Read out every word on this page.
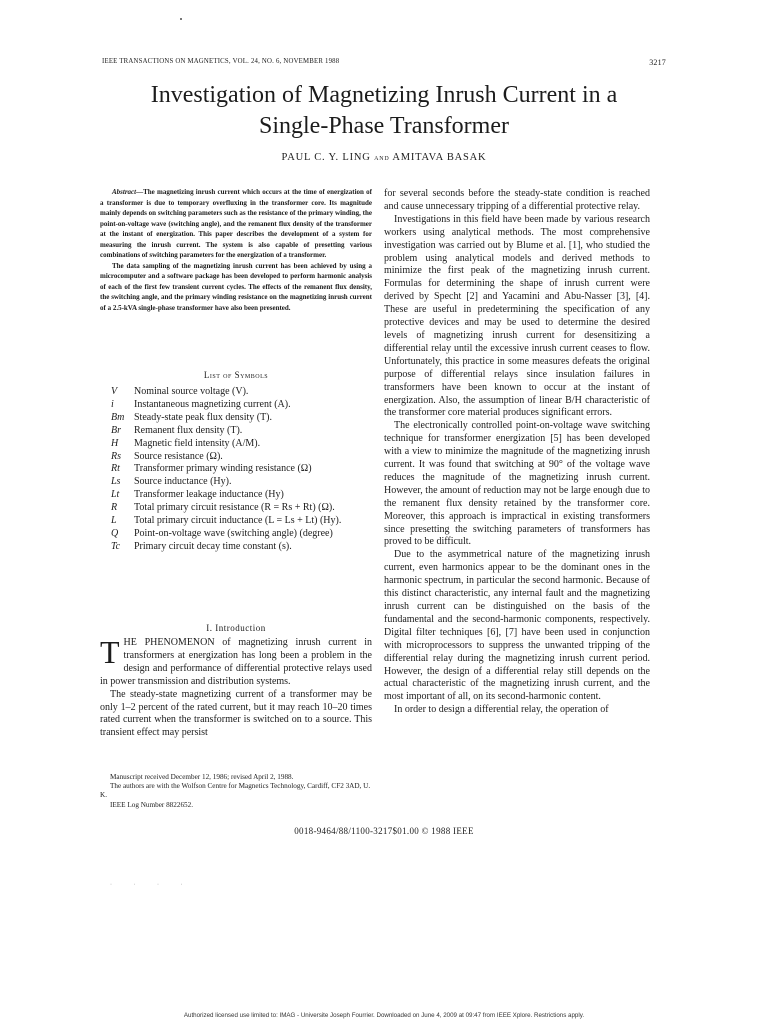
IEEE TRANSACTIONS ON MAGNETICS, VOL. 24, NO. 6, NOVEMBER 1988	3217
Investigation of Magnetizing Inrush Current in a
Single-Phase Transformer
PAUL C. Y. LING and AMITAVA BASAK

Abstract—The magnetizing inrush current which occurs at the time of energization of a transformer is due to temporary overfluxing in the transformer core. Its magnitude mainly depends on switching parameters such as the resistance of the primary winding, the point-on-voltage wave (switching angle), and the remanent flux density of the transformer at the instant of energization. This paper describes the development of a system for measuring the inrush current. The system is also capable of presetting various combinations of switching parameters for the energization of a transformer.

The data sampling of the magnetizing inrush current has been achieved by using a microcomputer and a software package has been developed to perform harmonic analysis of each of the first few transient current cycles. The effects of the remanent flux density, the switching angle, and the primary winding resistance on the magnetizing inrush current of a 2.5-kVA single-phase transformer have also been presented.

List of Symbols
V	Nominal source voltage (V).
i	Instantaneous magnetizing current (A).
Bm Steady-state peak flux density (T).
Br	Remanent flux density (T).
H	Magnetic field intensity (A/M).
Rs	Source resistance (Ω).
Rt	Transformer primary winding resistance (Ω)
Ls	Source inductance (Hy).
Lt	Transformer leakage inductance (Hy)
R	Total primary circuit resistance (R = Rs + Rt) (Ω).
L	Total primary circuit inductance (L = Ls + Lt) (Hy).
Q	Point-on-voltage wave (switching angle) (degree)
Tc	Primary circuit decay time constant (s).
I. Introduction

THE PHENOMENON of magnetizing inrush current in transformers at energization has long been a problem in the design and performance of differential protective relays used in power transmission and distribution systems.

The steady-state magnetizing current of a transformer may be only 1–2 percent of the rated current, but it may reach 10–20 times rated current when the transformer is switched on to a source. This transient effect may persist

Manuscript received December 12, 1986; revised April 2, 1988.

The authors are with the Wolfson Centre for Magnetics Technology, Cardiff, CF2 3AD, U. K.

IEEE Log Number 8822652.

for several seconds before the steady-state condition is reached and cause unnecessary tripping of a differential protective relay.

Investigations in this field have been made by various research workers using analytical methods. The most comprehensive investigation was carried out by Blume et al. [1], who studied the problem using analytical models and derived methods to minimize the first peak of the magnetizing inrush current. Formulas for determining the shape of inrush current were derived by Specht [2] and Yacamini and Abu-Nasser [3], [4]. These are useful in predetermining the specification of any protective devices and may be used to determine the desired levels of magnetizing inrush current for desensitizing a differential relay until the excessive inrush current ceases to flow. Unfortunately, this practice in some measures defeats the original purpose of differential relays since insulation failures in transformers have been known to occur at the instant of energization. Also, the assumption of linear B/H characteristic of the transformer core material produces significant errors.

The electronically controlled point-on-voltage wave switching technique for transformer energization [5] has been developed with a view to minimize the magnitude of the magnetizing inrush current. It was found that switching at 90° of the voltage wave reduces the magnitude of the magnetizing inrush current. However, the amount of reduction may not be large enough due to the remanent flux density retained by the transformer core. Moreover, this approach is impractical in existing transformers since presetting the switching parameters of transformers has proved to be difficult.

Due to the asymmetrical nature of the magnetizing inrush current, even harmonics appear to be the dominant ones in the harmonic spectrum, in particular the second harmonic. Because of this distinct characteristic, any internal fault and the magnetizing inrush current can be distinguished on the basis of the fundamental and the second-harmonic components, respectively. Digital filter techniques [6], [7] have been used in conjunction with microprocessors to suppress the unwanted tripping of the differential relay during the magnetizing inrush current period. However, the design of a differential relay still depends on the actual characteristic of the magnetizing inrush current, and the most important of all, on its second-harmonic content.

In order to design a differential relay, the operation of

0018-9464/88/1100-3217$01.00 © 1988 IEEE
· · · ·
Authorized licensed use limited to: IMAG - Universite Joseph Fourrier. Downloaded on June 4, 2009 at 09:47 from IEEE Xplore. Restrictions apply.
